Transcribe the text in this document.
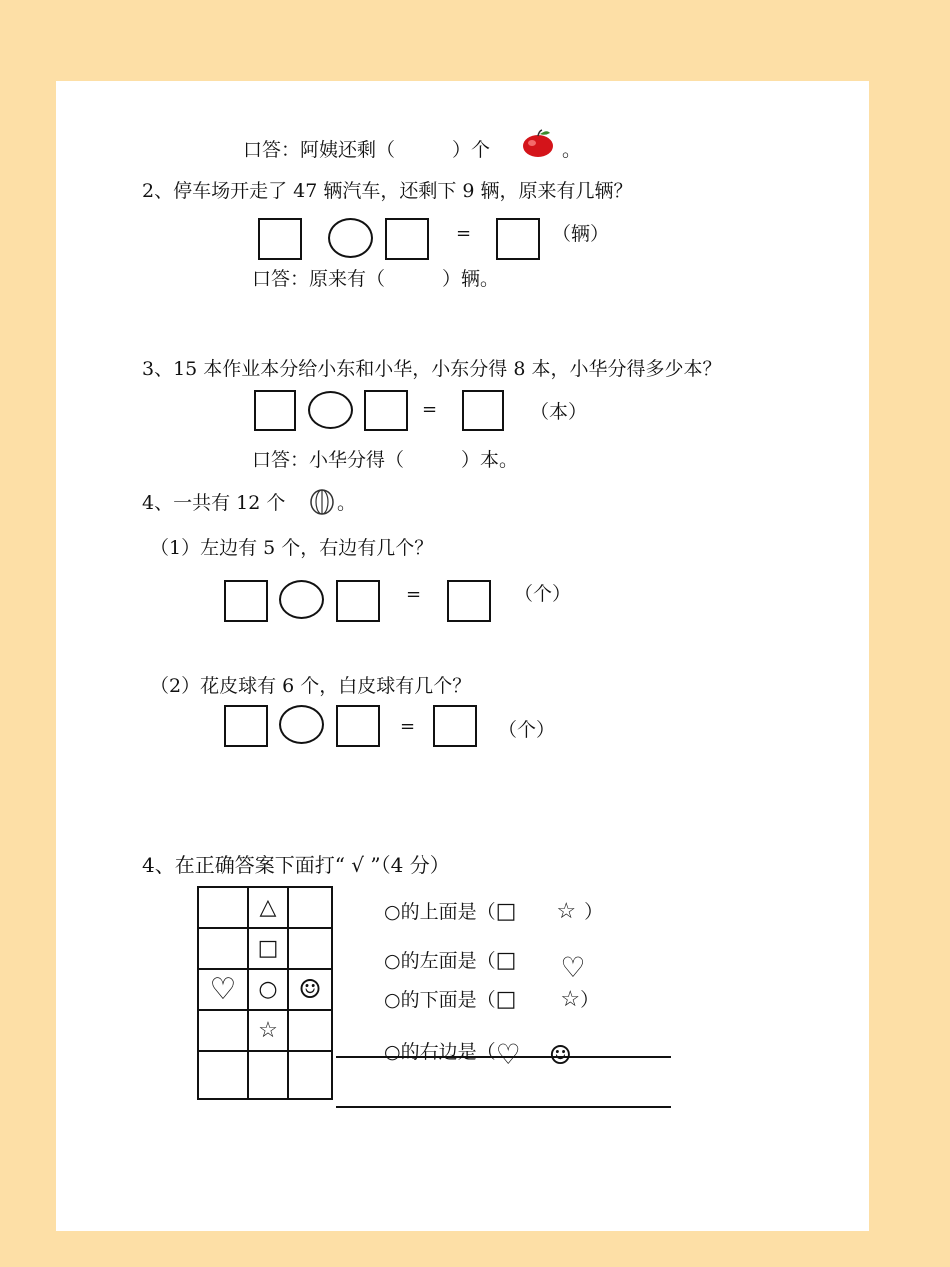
口答：阿姨还剩（　　　）个	。
2、停车场开走了 47 辆汽车，还剩下 9 辆，原来有几辆？
=	（辆）
口答：原来有（　　　）辆。
3、15 本作业本分给小东和小华，小东分得 8 本，小华分得多少本？
=	（本）
口答：小华分得（　　　）本。
4、一共有 12 个	。
（1）左边有 5 个，右边有几个？
=	（个）
（2）花皮球有 6 个，白皮球有几个？
=	（个）
4、在正确答案下面打“ √ ”（4 分）
	△	
	□	
♡	○	☺
	☆	

○的上面是（□ ☆ ）
○的左面是（□ ♡
○的下面是（□ ☆）
○的右边是（♡ ☺
